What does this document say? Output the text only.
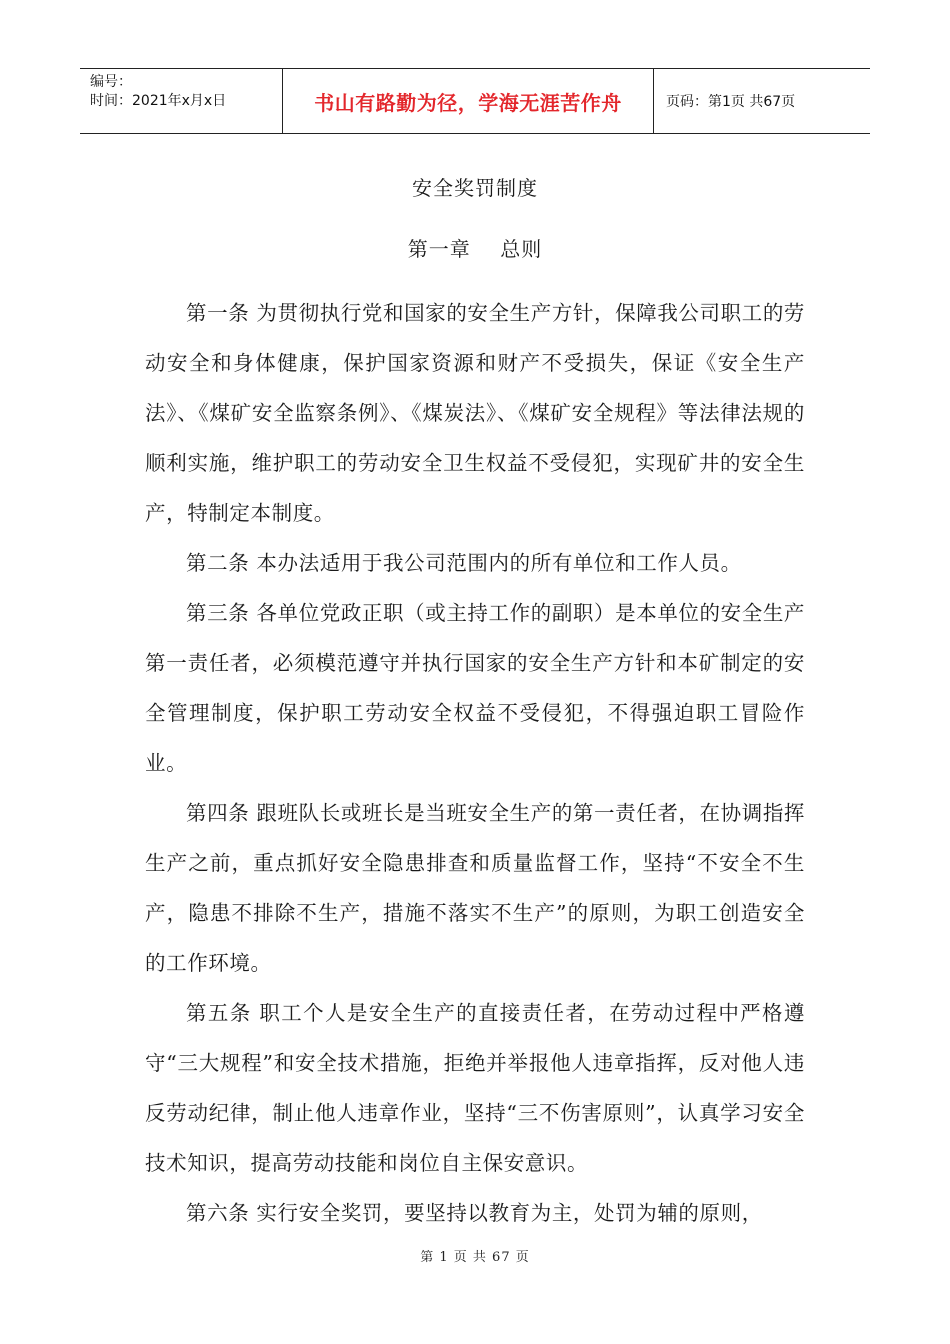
编号：
时间：2021年x月x日	书山有路勤为径，学海无涯苦作舟	页码：第1页 共67页
安全奖罚制度
第一章    总则

第一条 为贯彻执行党和国家的安全生产方针，保障我公司职工的劳动安全和身体健康，保护国家资源和财产不受损失，保证《安全生产法》、《煤矿安全监察条例》、《煤炭法》、《煤矿安全规程》等法律法规的顺利实施，维护职工的劳动安全卫生权益不受侵犯，实现矿井的安全生产，特制定本制度。

第二条 本办法适用于我公司范围内的所有单位和工作人员。

第三条 各单位党政正职（或主持工作的副职）是本单位的安全生产第一责任者，必须模范遵守并执行国家的安全生产方针和本矿制定的安全管理制度，保护职工劳动安全权益不受侵犯，不得强迫职工冒险作业。

第四条 跟班队长或班长是当班安全生产的第一责任者，在协调指挥生产之前，重点抓好安全隐患排查和质量监督工作，坚持“不安全不生产，隐患不排除不生产，措施不落实不生产”的原则，为职工创造安全的工作环境。

第五条 职工个人是安全生产的直接责任者，在劳动过程中严格遵守“三大规程”和安全技术措施，拒绝并举报他人违章指挥，反对他人违反劳动纪律，制止他人违章作业，坚持“三不伤害原则”，认真学习安全技术知识，提高劳动技能和岗位自主保安意识。

第六条 实行安全奖罚，要坚持以教育为主，处罚为辅的原则，

第 1 页 共 67 页
